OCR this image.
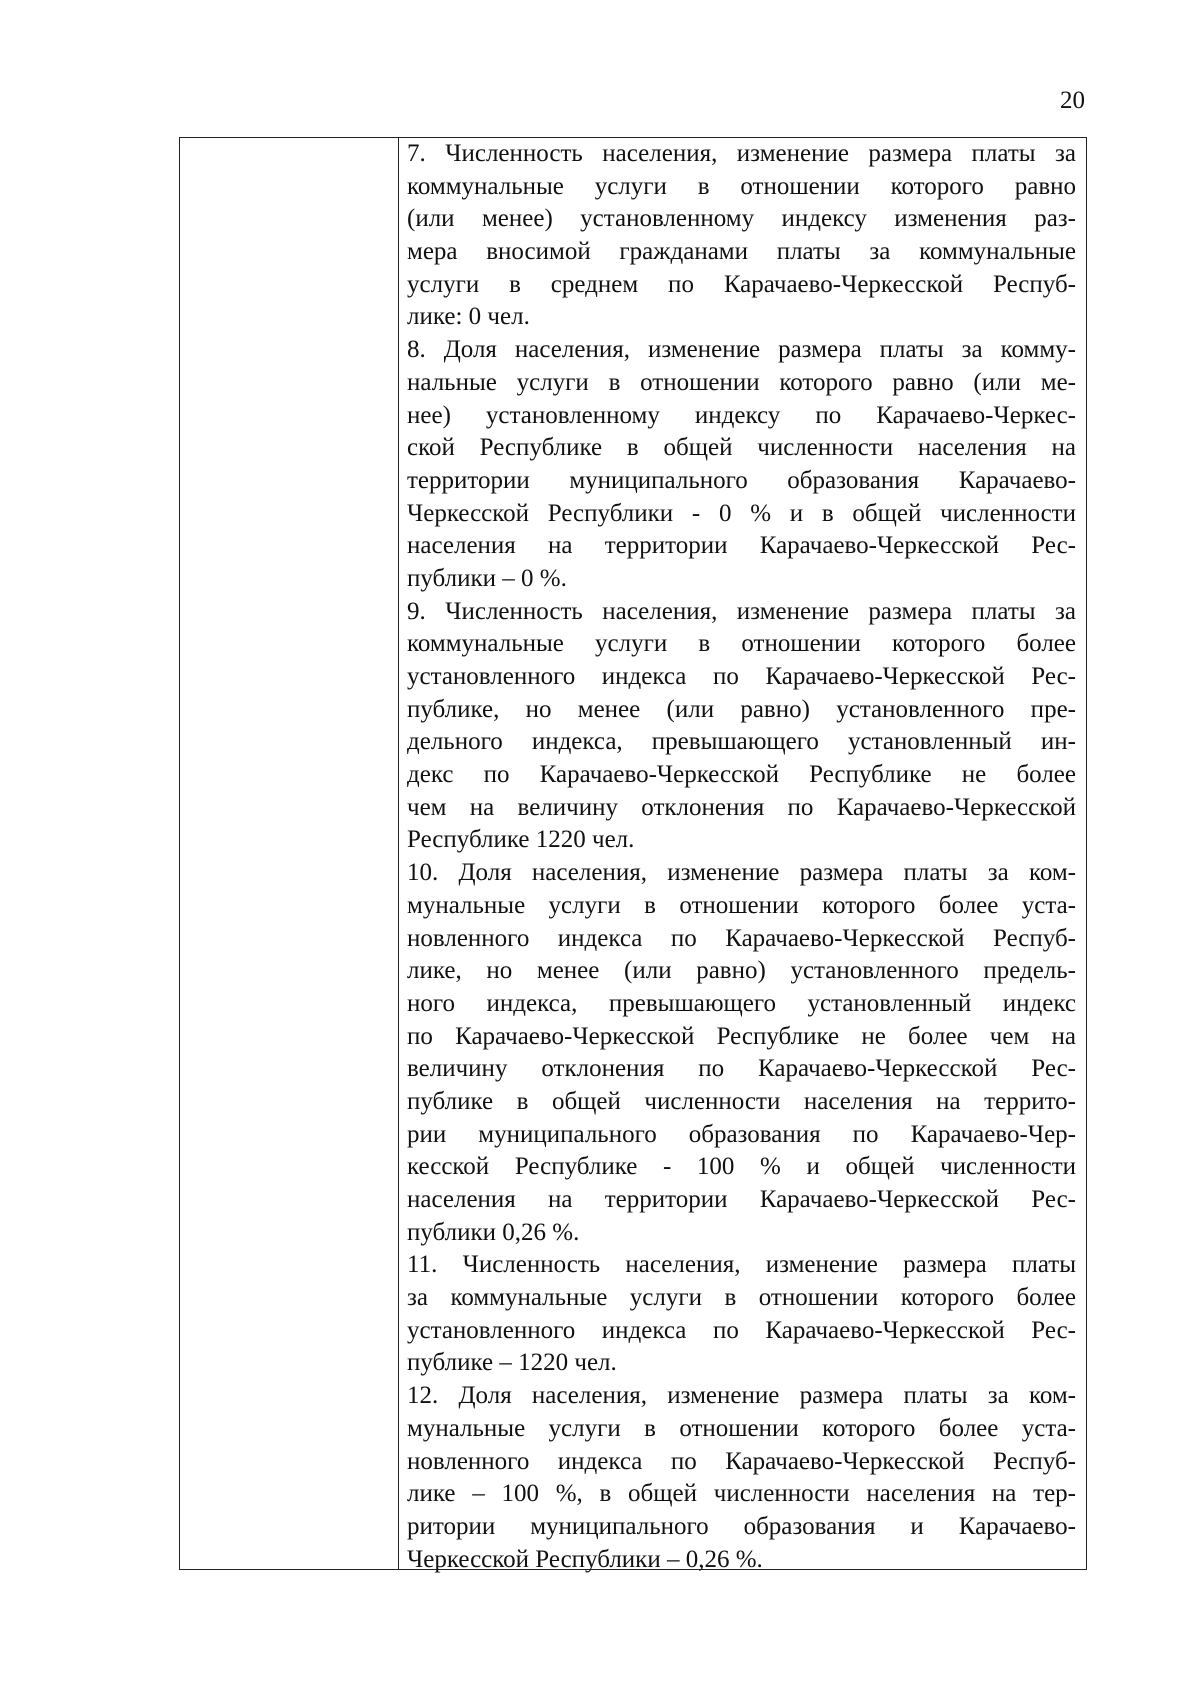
20
7. Численность населения, изменение размера платы за
коммунальные услуги в отношении которого равно
(или менее) установленному индексу изменения раз-
мера вносимой гражданами платы за коммунальные
услуги в среднем по Карачаево-Черкесской Респуб-
лике: 0 чел.
8. Доля населения, изменение размера платы за комму-
нальные услуги в отношении которого равно (или ме-
нее) установленному индексу по Карачаево-Черкес-
ской Республике в общей численности населения на
территории муниципального образования Карачаево-
Черкесской Республики - 0 % и в общей численности
населения на территории Карачаево-Черкесской Рес-
публики – 0 %.
9. Численность населения, изменение размера платы за
коммунальные услуги в отношении которого более
установленного индекса по Карачаево-Черкесской Рес-
публике, но менее (или равно) установленного пре-
дельного индекса, превышающего установленный ин-
декс по Карачаево-Черкесской Республике не более
чем на величину отклонения по Карачаево-Черкесской
Республике 1220 чел.
10. Доля населения, изменение размера платы за ком-
мунальные услуги в отношении которого более уста-
новленного индекса по Карачаево-Черкесской Респуб-
лике, но менее (или равно) установленного предель-
ного индекса, превышающего установленный индекс
по Карачаево-Черкесской Республике не более чем на
величину отклонения по Карачаево-Черкесской Рес-
публике в общей численности населения на террито-
рии муниципального образования по Карачаево-Чер-
кесской Республике - 100 % и общей численности
населения на территории Карачаево-Черкесской Рес-
публики 0,26 %.
11. Численность населения, изменение размера платы
за коммунальные услуги в отношении которого более
установленного индекса по Карачаево-Черкесской Рес-
публике – 1220 чел.
12. Доля населения, изменение размера платы за ком-
мунальные услуги в отношении которого более уста-
новленного индекса по Карачаево-Черкесской Респуб-
лике – 100 %, в общей численности населения на тер-
ритории муниципального образования и Карачаево-
Черкесской Республики – 0,26 %.
